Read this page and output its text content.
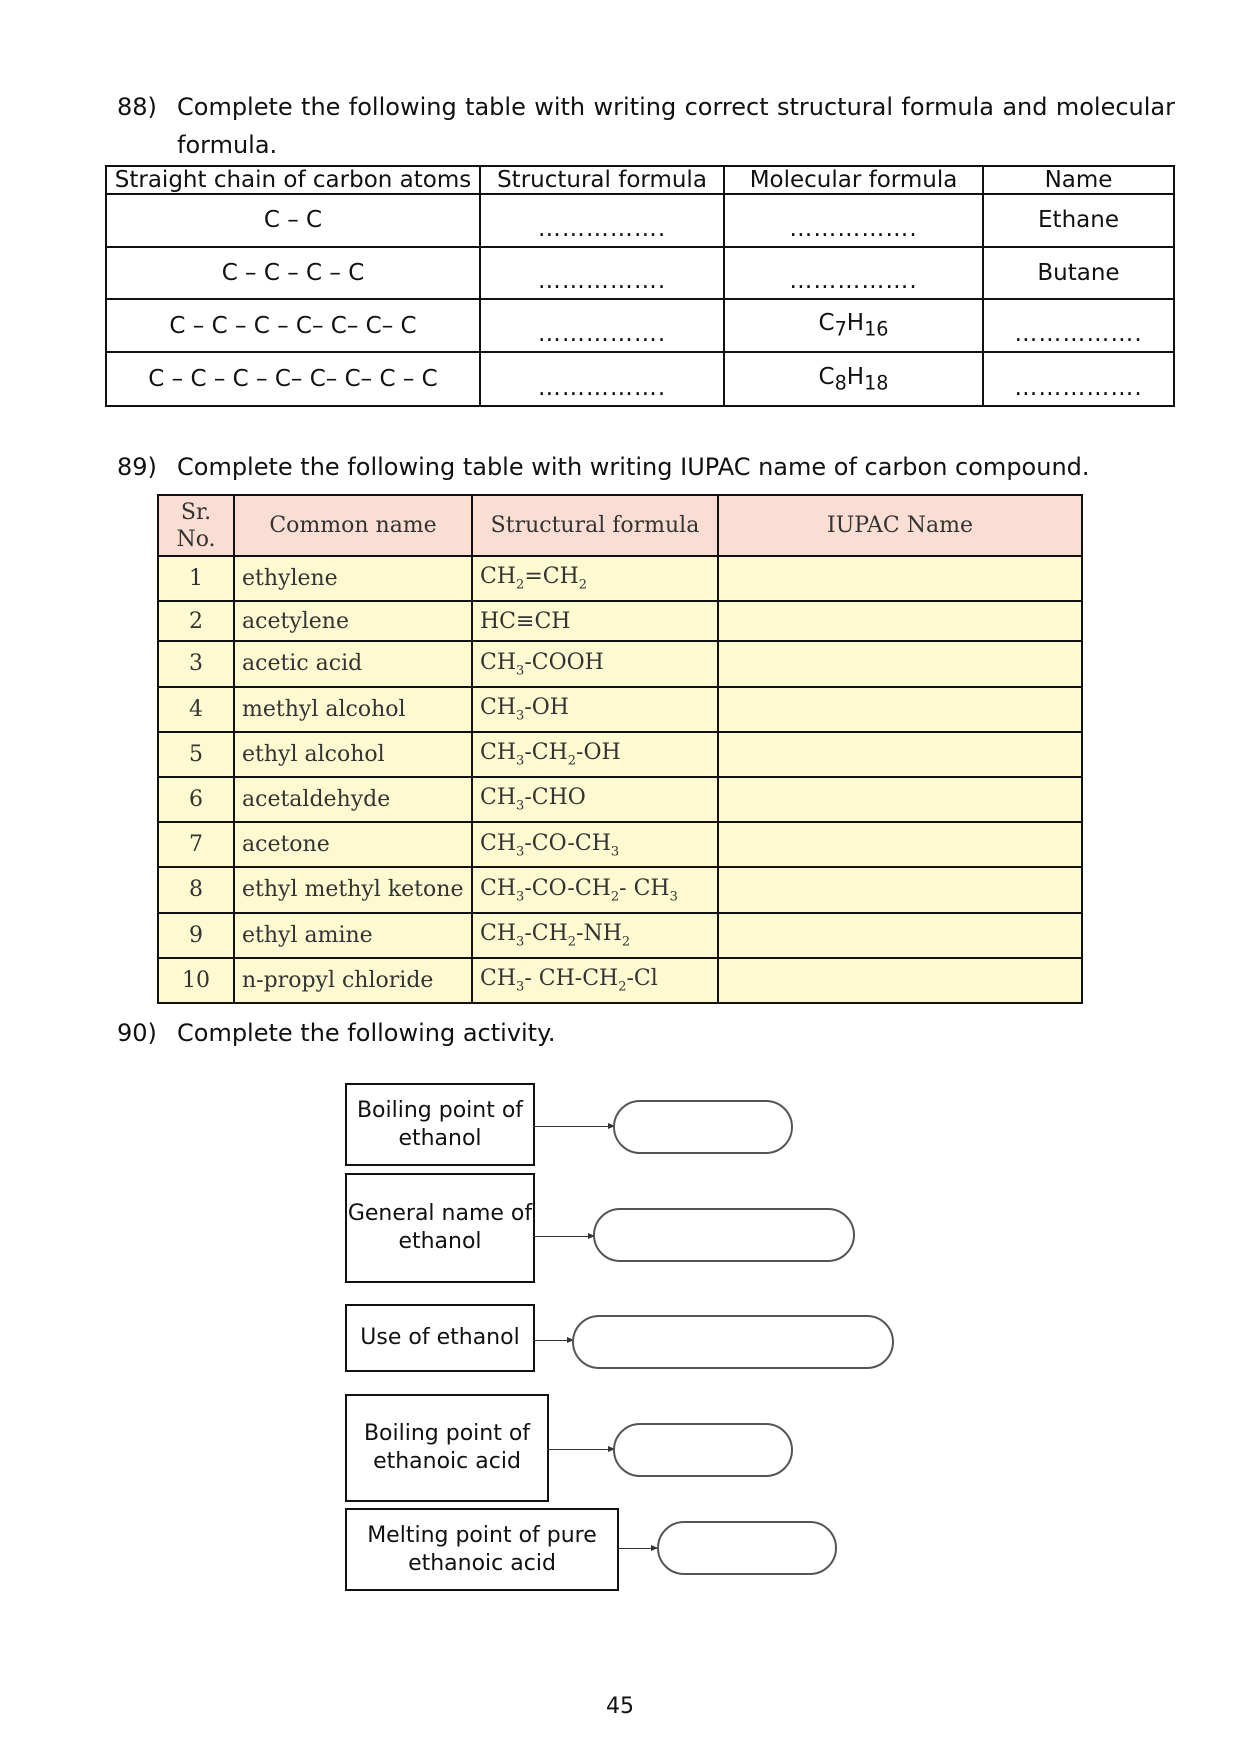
88) Complete the following table with writing correct structural formula and molecular formula.
Straight chain of carbon atoms	Structural formula	Molecular formula	Name
C – C	…………….	…………….	Ethane
C – C – C – C	…………….	…………….	Butane
C – C – C – C– C– C– C	…………….	$C_7H_{16}$	…………….
C – C – C – C– C– C– C – C	…………….	$C_8H_{18}$	…………….
89) Complete the following table with writing IUPAC name of carbon compound.
Sr. No.	Common name	Structural formula	IUPAC Name
1	ethylene	$CH_2=CH_2$	
2	acetylene	HC≡CH	
3	acetic acid	$CH_3$-COOH	
4	methyl alcohol	$CH_3-OH$	
5	ethyl alcohol	$CH_3-CH_2-OH$	
6	acetaldehyde	$CH_3$-CHO	
7	acetone	$CH_3-CO-CH_3$	
8	ethyl methyl ketone	$CH_3-CO-CH_2-$ $CH_3$	
9	ethyl amine	$CH_3-CH_2-NH_2$	
10	n-propyl chloride	$CH_3-$ $CH-CH_2-Cl$	
90) Complete the following activity.
Boiling point of ethanol
General name of ethanol
Use of ethanol
Boiling point of ethanoic acid
Melting point of pure ethanoic acid
45
